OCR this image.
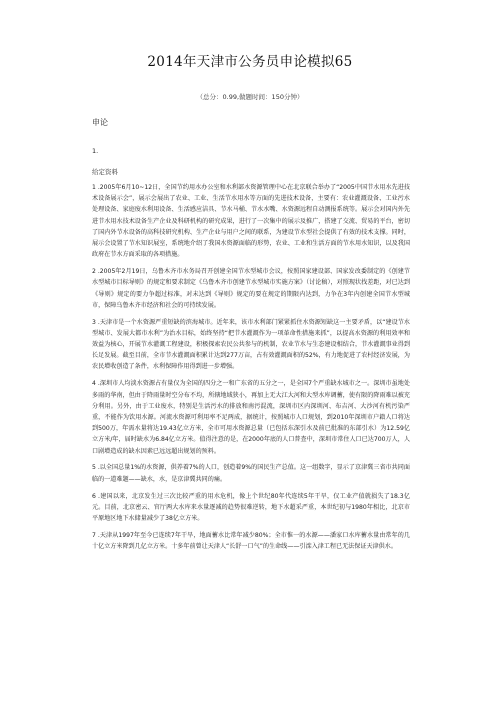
2014年天津市公务员申论模拟65
（总分：0.99,做题时间：150分钟）
申论
1.
给定资料

1 .2005年6月10~12日，全国节约用水办公室和水利部水资源管理中心在北京联合举办了“2005中国节水用水先进技术设备展示会”，展示会展出了农业、工业、生活节水用水等方面的先进技术设备，主要有：农业灌溉设备、工业污水处理设备、家庭废水利用设备、生活感应洁具、节水马桶、节水水嘴、水资源远程自动测报系统等。展示会对国内外先进节水用水技术设备生产企业及科研机构的研究成果，进行了一次集中的展示及推广，搭建了交流、贸易的平台，密切了国内外节水设备的高科技研究机构、生产企业与用户之间的联系，为建设节水型社会提供了有效的技术支撑。同时，展示会设置了节水知识展室，系统地介绍了我国水资源面临的形势，农业、工业和生活方面的节水用水知识，以及我国政府在节水方面采取的各项措施。

2 .2005年2月19日，乌鲁木齐市水务局召开创建全国节水型城市会议，按照国家建设部、国家发改委制定的《创建节水型城市目标导则》的规定和要求制定《乌鲁木齐市创建节水型城市实施方案》（讨论稿），对照现状找差距，对已达到《导则》规定的要力争超过标准，对未达到《导则》规定的要在规定的期限内达到，力争在3年内创建全国节水型城市，保障乌鲁木齐市经济和社会的可持续发展。

3 .天津市是一个水资源严重短缺的滨海城市。近年来，该市水利部门紧紧抓住水资源短缺这一主要矛盾，以“建设节水型城市、发展大都市水利”为治水目标，始终坚持“把节水灌溉作为一项革命性措施来抓”，以提高水资源的利用效率和效益为核心，开展节水灌溉工程建设，积极探索农民公共参与的机制，农业节水与生态建设相结合，节水灌溉事业得到长足发展。截至目前，全市节水灌溉面积累计达到277万亩，占有效灌溉面积的52%，有力地促进了农村经济发展，为农民增收创造了条件，水利保障作用得到进一步增强。

4 .深圳市人均淡水资源占有量仅为全国的四分之一和广东省的五分之一，是全国7个严重缺水城市之一。深圳市虽地处多雨的华南，但由于降雨量时空分布不均，所辖地域狭小，再加上无大江大河和大型水库调蓄，使有限的降雨难以被充分利用。另外，由于工业废水，特别是生活污水的排放和南污混流，深圳市区内深圳河、布吉河、大沙河有机污染严重，不能作为饮用水源。河流水资源可利用率不足两成，据统计，按照城市人口规划，到2010年深圳市户籍人口将达到500万，年需水量将达19.43亿立方米，全市可用水资源总量（已包括东深引水及前已批准的东部引水）为12.59亿立方米/年，届时缺水为6.84亿立方米。值得注意的是，在2000年底的人口普查中，深圳市常住人口已达700万人，人口剧增造成的缺水因素已远远超出规划的预料。

5 .以全国总量1%的水资源，供养着7%的人口，创造着9%的国民生产总值。这一组数字，显示了京津冀三省市共同面临的一道难题——缺水，水，是京津冀共同的痛。

6 .建国以来，北京发生过三次比较严重的用水危机，像上个世纪80年代连续5年干旱，仅工业产值就损失了18.3亿元。目前，北京密云、官厅两大水库来水量逐减的趋势很难逆转，地下水超采严重，本世纪初与1980年相比，北京市平原地区地下水储量减少了38亿立方米。

7 .天津从1997年至今已连续7年干旱，地面蓄水比常年减少80%；全市惟一的水源——潘家口水库蓄水量由常年的几十亿立方米降到几亿立方米。十多年前曾让天津人“长舒一口气”的生命线——引滦入津工程已无法保证天津供水。
